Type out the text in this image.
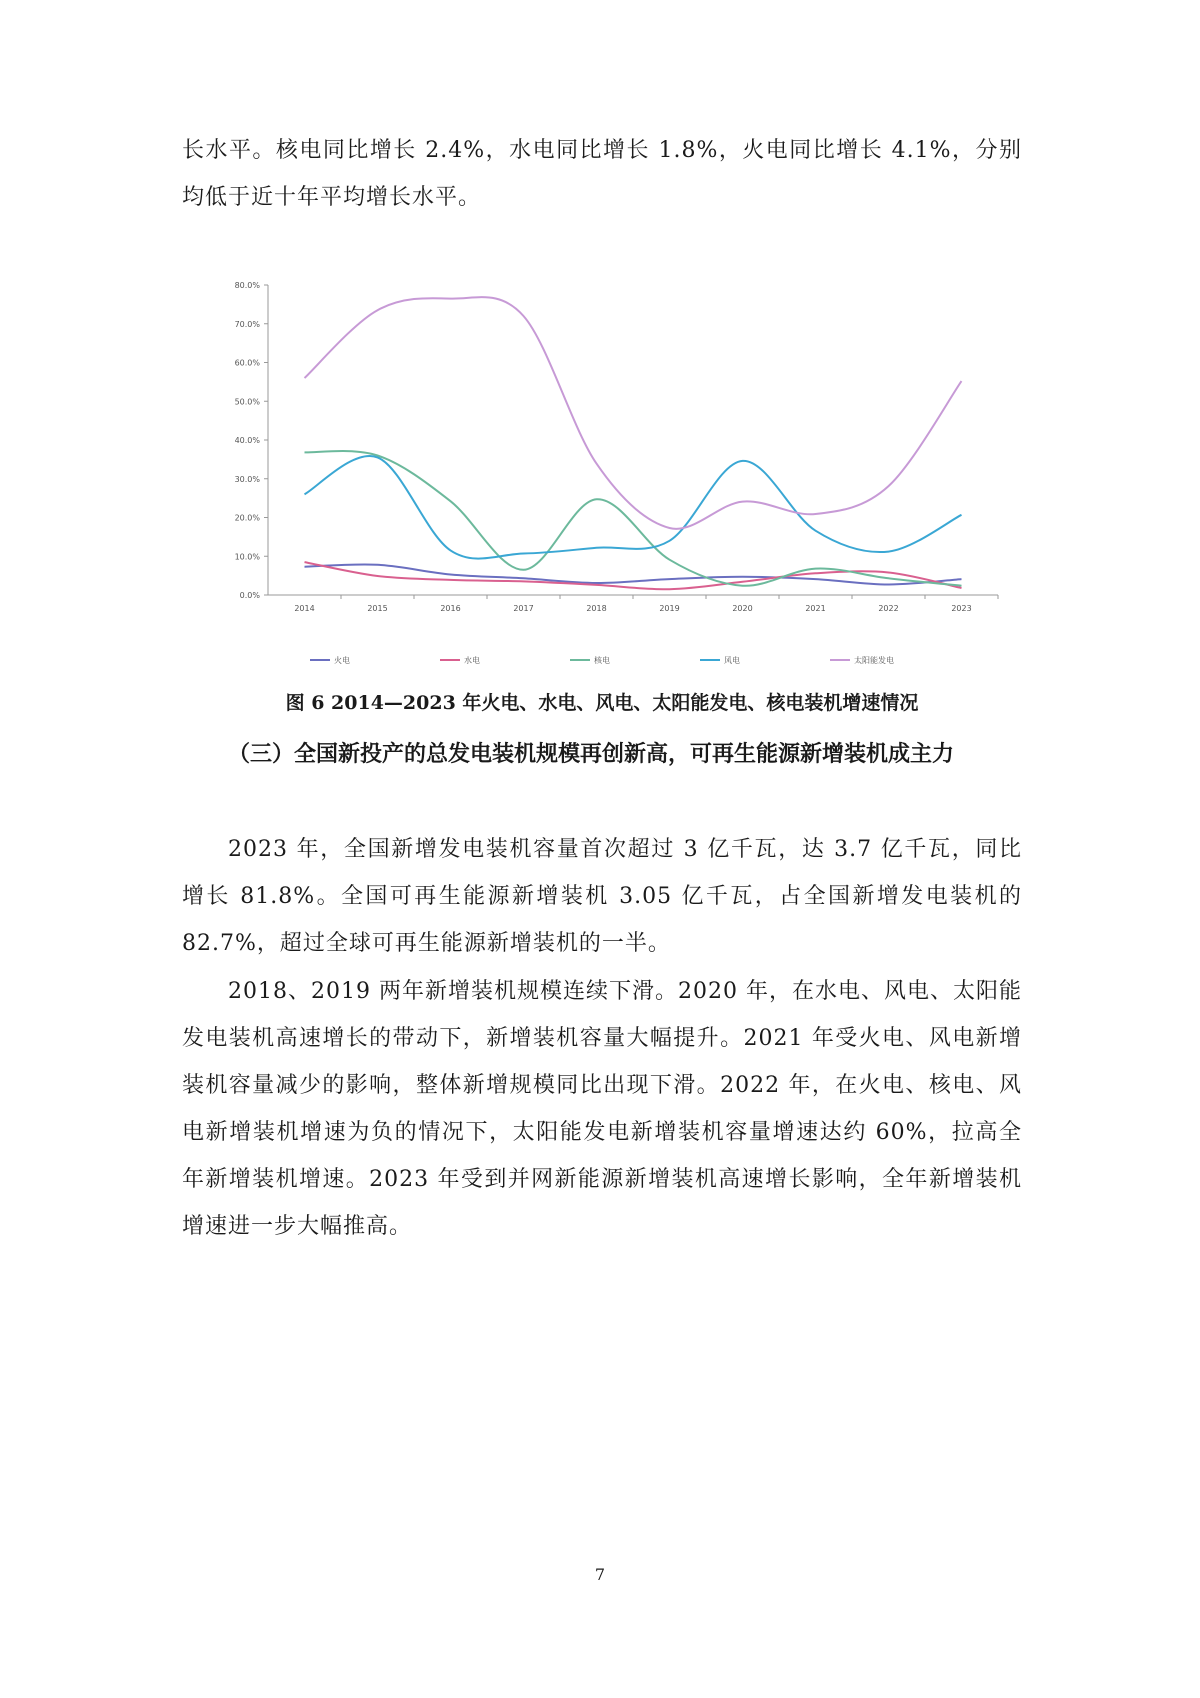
长水平。核电同比增长 2.4%，水电同比增长 1.8%，火电同比增长 4.1%，分别均低于近十年平均增长水平。

0.0%
10.0%
20.0%
30.0%
40.0%
50.0%
60.0%
70.0%
80.0%
2014	2015	2016	2017	2018	2019	2020	2021	2022	2023
火电	水电	核电	风电	太阳能发电
图 6 2014—2023 年火电、水电、风电、太阳能发电、核电装机增速情况

（三）全国新投产的总发电装机规模再创新高，可再生能源新增装机成主力

2023 年，全国新增发电装机容量首次超过 3 亿千瓦，达 3.7 亿千瓦，同比增长 81.8%。全国可再生能源新增装机 3.05 亿千瓦，占全国新增发电装机的 82.7%，超过全球可再生能源新增装机的一半。

2018、2019 两年新增装机规模连续下滑。2020 年，在水电、风电、太阳能发电装机高速增长的带动下，新增装机容量大幅提升。2021 年受火电、风电新增装机容量减少的影响，整体新增规模同比出现下滑。2022 年，在火电、核电、风电新增装机增速为负的情况下，太阳能发电新增装机容量增速达约 60%，拉高全年新增装机增速。2023 年受到并网新能源新增装机高速增长影响，全年新增装机增速进一步大幅推高。

7
